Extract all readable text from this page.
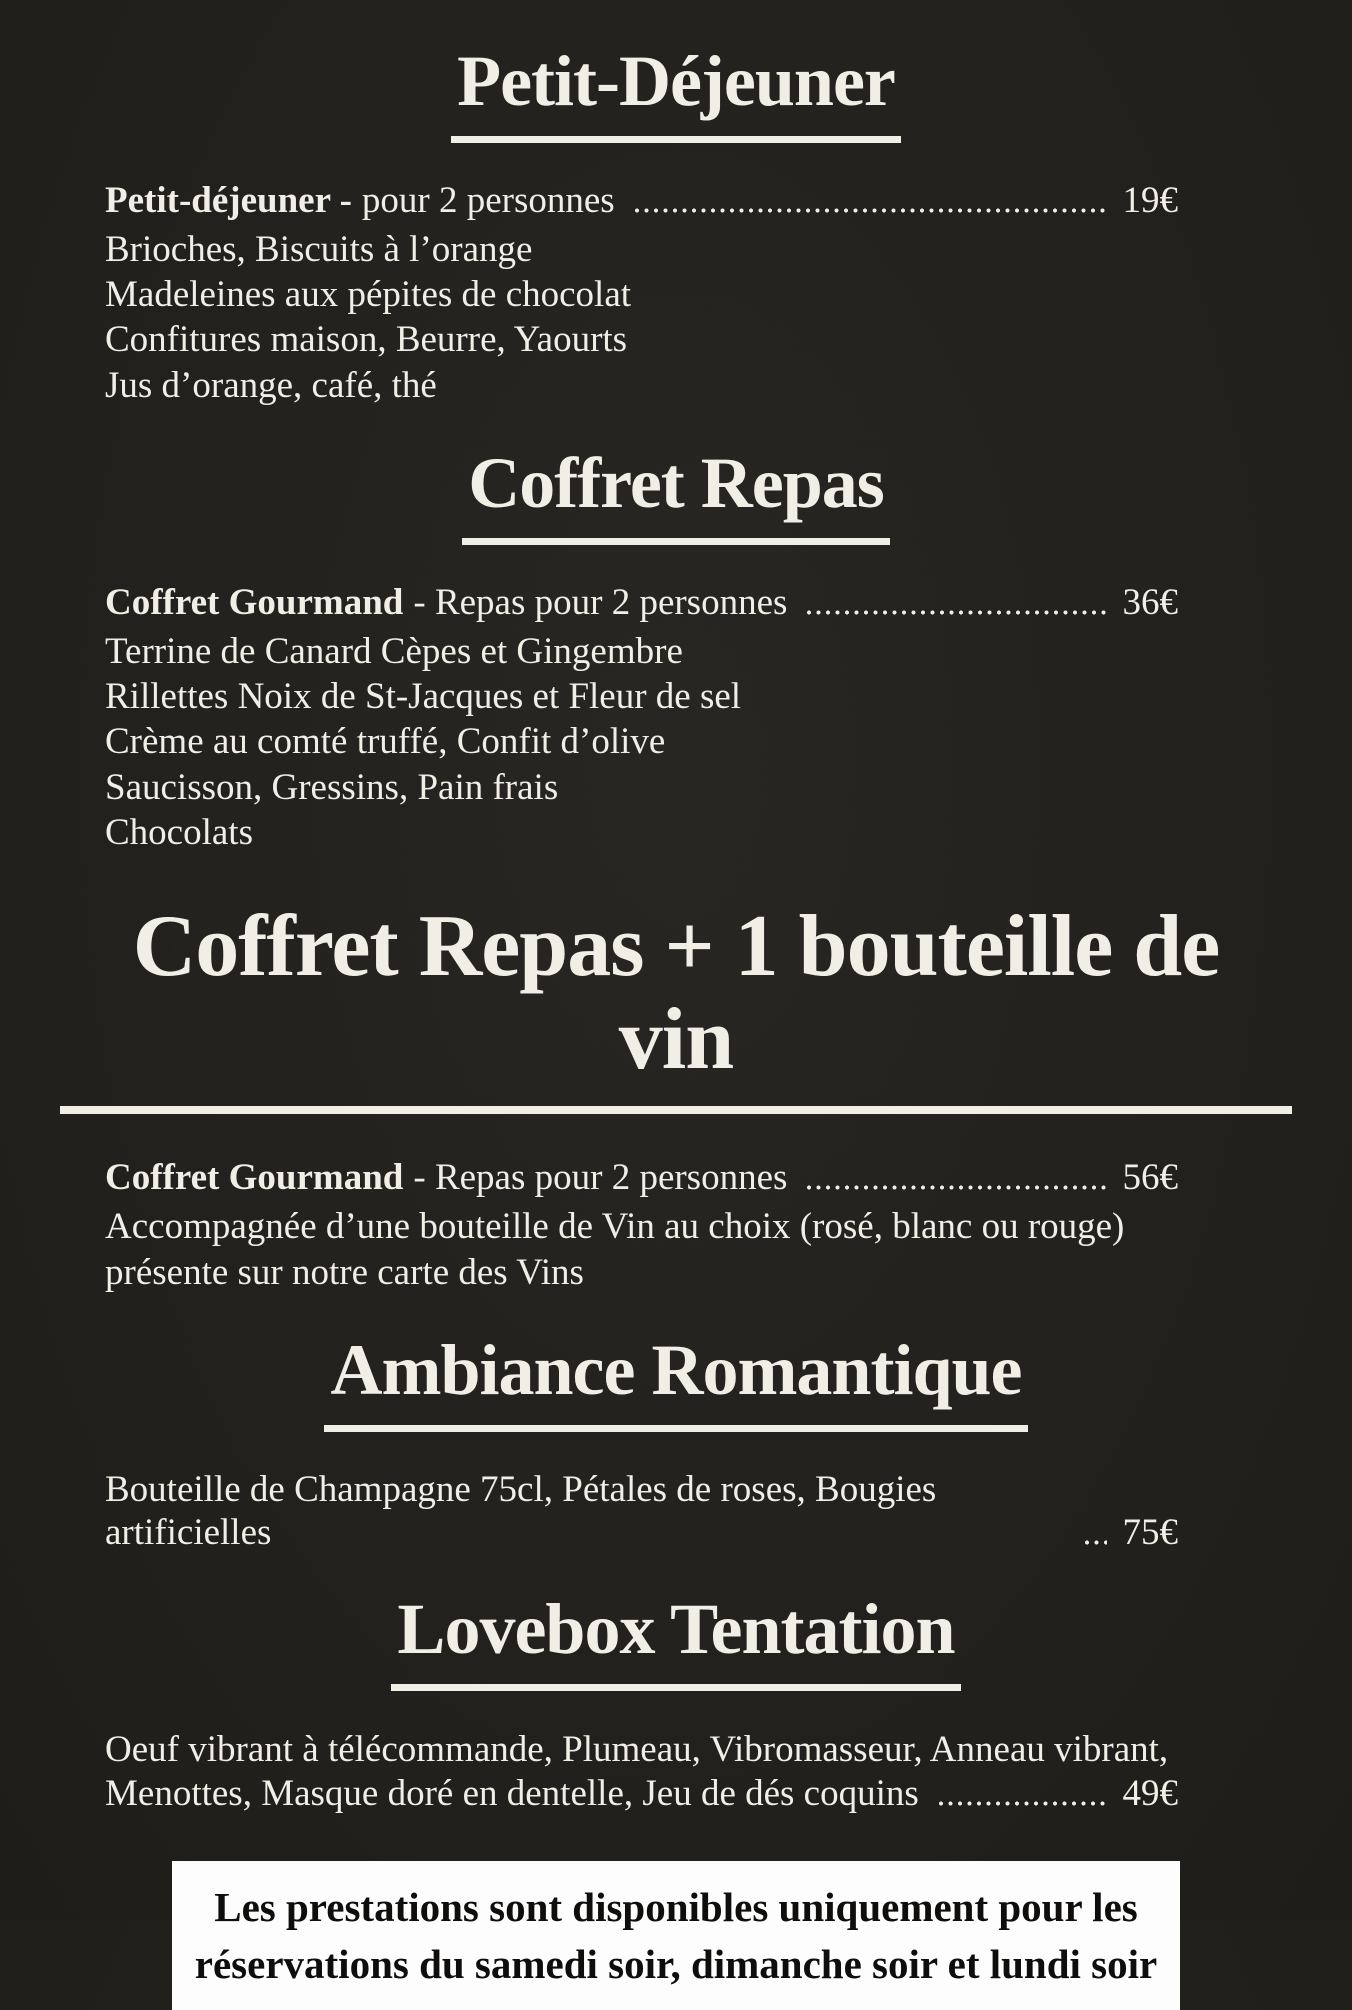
Petit-Déjeuner
Petit-déjeuner - pour 2 personnes	19€

Brioches, Biscuits à l’orange

Madeleines aux pépites de chocolat

Confitures maison, Beurre, Yaourts

Jus d’orange, café, thé

Coffret Repas
Coffret Gourmand - Repas pour 2 personnes	36€

Terrine de Canard Cèpes et Gingembre

Rillettes Noix de St-Jacques et Fleur de sel

Crème au comté truffé, Confit d’olive

Saucisson, Gressins, Pain frais

Chocolats

Coffret Repas + 1 bouteille de vin
Coffret Gourmand - Repas pour 2 personnes	56€

Accompagnée d’une bouteille de Vin au choix (rosé, blanc ou rouge)

présente sur notre carte des Vins

Ambiance Romantique
Bouteille de Champagne 75cl, Pétales de roses, Bougies artificielles	75€
Lovebox Tentation

Oeuf vibrant à télécommande, Plumeau, Vibromasseur, Anneau vibrant,

Menottes, Masque doré en dentelle, Jeu de dés coquins	49€
Les prestations sont disponibles uniquement pour les
réservations du samedi soir, dimanche soir et lundi soir
